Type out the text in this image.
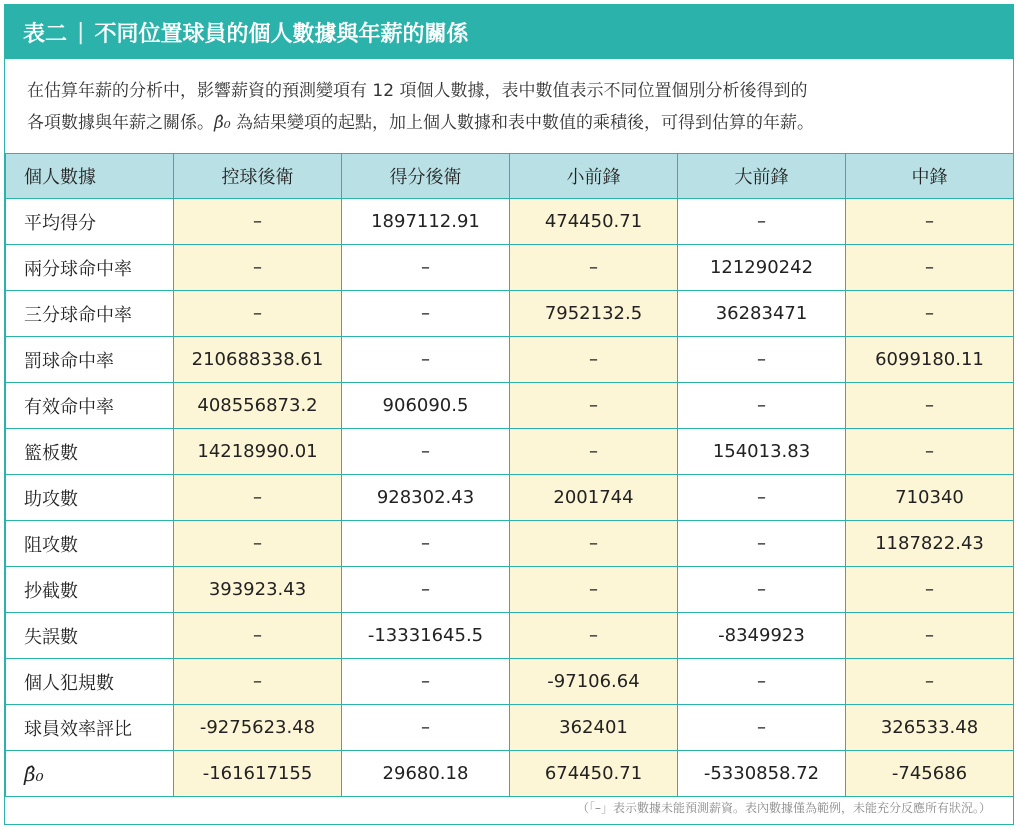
表二 | 不同位置球員的個人數據與年薪的關係
在估算年薪的分析中，影響薪資的預測變項有 12 項個人數據，表中數值表示不同位置個別分析後得到的
各項數據與年薪之關係。β̂₀ 為結果變項的起點，加上個人數據和表中數值的乘積後，可得到估算的年薪。
個人數據	控球後衛	得分後衛	小前鋒	大前鋒	中鋒
平均得分	–	1897112.91	474450.71	–	–
兩分球命中率	–	–	–	121290242	–
三分球命中率	–	–	7952132.5	36283471	–
罰球命中率	210688338.61	–	–	–	6099180.11
有效命中率	408556873.2	906090.5	–	–	–
籃板數	14218990.01	–	–	154013.83	–
助攻數	–	928302.43	2001744	–	710340
阻攻數	–	–	–	–	1187822.43
抄截數	393923.43	–	–	–	–
失誤數	–	-13331645.5	–	-8349923	–
個人犯規數	–	–	-97106.64	–	–
球員效率評比	-9275623.48	–	362401	–	326533.48
β̂₀	-161617155	29680.18	674450.71	-5330858.72	-745686
（「–」表示數據未能預測薪資。表內數據僅為範例，未能充分反應所有狀況。）
